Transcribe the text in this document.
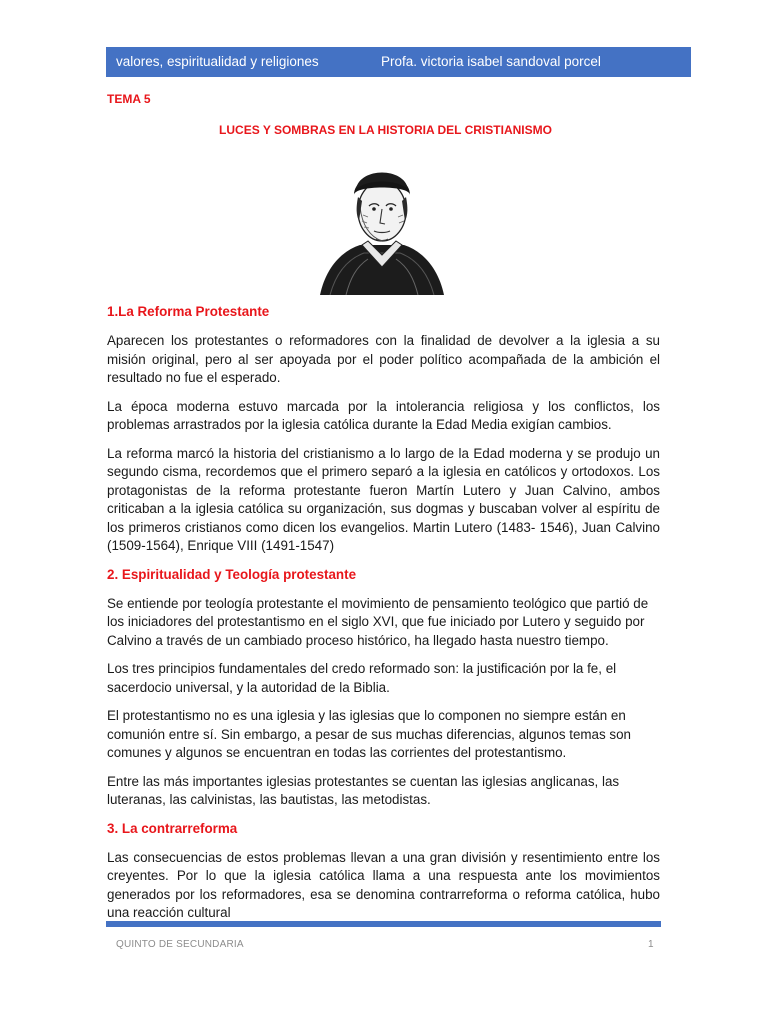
valores, espiritualidad y religiones	Profa. victoria isabel sandoval porcel
TEMA 5
LUCES Y SOMBRAS EN LA HISTORIA DEL CRISTIANISMO
1.La Reforma Protestante

Aparecen los protestantes o reformadores con la finalidad de devolver a la iglesia a su misión original, pero al ser apoyada por el poder político acompañada de la ambición el resultado no fue el esperado.

La época moderna estuvo marcada por la intolerancia religiosa y los conflictos, los problemas arrastrados por la iglesia católica durante la Edad Media exigían cambios.

La reforma marcó la historia del cristianismo a lo largo de la Edad moderna y se produjo un segundo cisma, recordemos que el primero separó a la iglesia en católicos y ortodoxos. Los protagonistas de la reforma protestante fueron Martín Lutero y Juan Calvino, ambos criticaban a la iglesia católica su organización, sus dogmas y buscaban volver al espíritu de los primeros cristianos como dicen los evangelios. Martin Lutero (1483- 1546), Juan Calvino (1509-1564), Enrique VIII (1491-1547)

2. Espiritualidad y Teología protestante

Se entiende por teología protestante el movimiento de pensamiento teológico que partió de los iniciadores del protestantismo en el siglo XVI, que fue iniciado por Lutero y seguido por Calvino a través de un cambiado proceso histórico, ha llegado hasta nuestro tiempo.

Los tres principios fundamentales del credo reformado son: la justificación por la fe, el sacerdocio universal, y la autoridad de la Biblia.

El protestantismo no es una iglesia y las iglesias que lo componen no siempre están en comunión entre sí. Sin embargo, a pesar de sus muchas diferencias, algunos temas son comunes y algunos se encuentran en todas las corrientes del protestantismo.

Entre las más importantes iglesias protestantes se cuentan las iglesias anglicanas, las luteranas, las calvinistas, las bautistas, las metodistas.

3. La contrarreforma

Las consecuencias de estos problemas llevan a una gran división y resentimiento entre los creyentes. Por lo que la iglesia católica llama a una respuesta ante los movimientos generados por los reformadores, esa se denomina contrarreforma o reforma católica, hubo una reacción cultural

QUINTO DE SECUNDARIA	1
